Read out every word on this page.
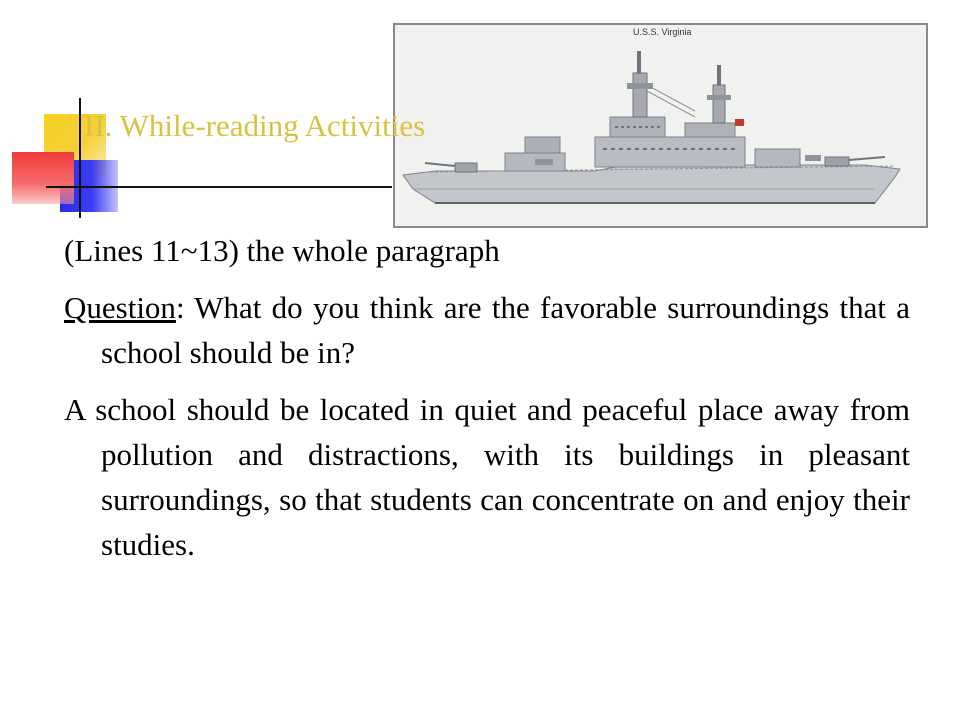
U.S.S. Virginia
II. While-reading Activities

(Lines 11~13) the whole paragraph

Question: What do you think are the favorable surroundings that a school should be in?

A school should be located in quiet and peaceful place away from pollution and distractions, with its buildings in pleasant surroundings, so that students can concentrate on and enjoy their studies.
